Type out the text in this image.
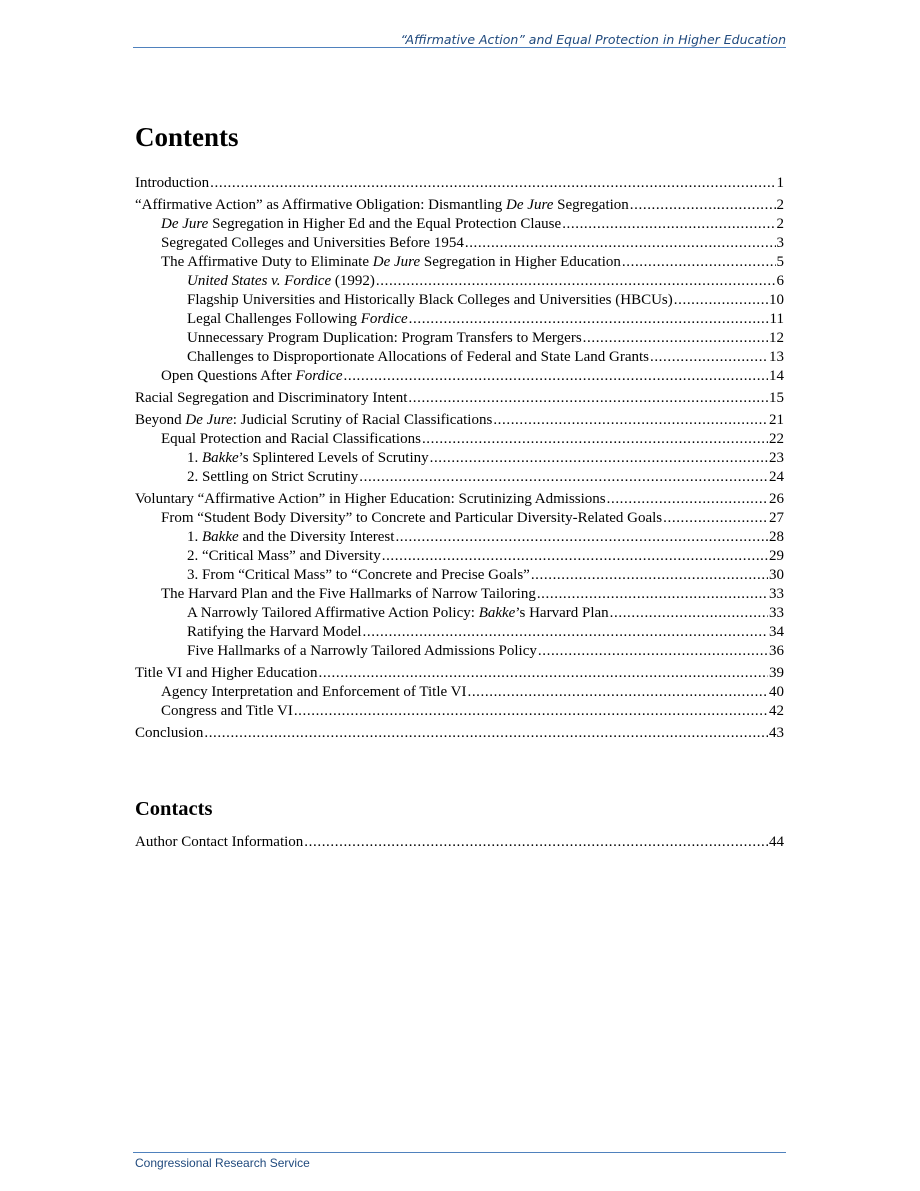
“Affirmative Action” and Equal Protection in Higher Education
Contents
Introduction .....	1
“Affirmative Action” as Affirmative Obligation: Dismantling De Jure Segregation .....	2
De Jure Segregation in Higher Ed and the Equal Protection Clause .....	2
Segregated Colleges and Universities Before 1954 .....	3
The Affirmative Duty to Eliminate De Jure Segregation in Higher Education .....	5
United States v. Fordice (1992) .....	6
Flagship Universities and Historically Black Colleges and Universities (HBCUs) .....	10
Legal Challenges Following Fordice .....	11
Unnecessary Program Duplication: Program Transfers to Mergers .....	12
Challenges to Disproportionate Allocations of Federal and State Land Grants .....	13
Open Questions After Fordice .....	14
Racial Segregation and Discriminatory Intent .....	15
Beyond De Jure: Judicial Scrutiny of Racial Classifications .....	21
Equal Protection and Racial Classifications .....	22
1. Bakke’s Splintered Levels of Scrutiny .....	23
2. Settling on Strict Scrutiny .....	24
Voluntary “Affirmative Action” in Higher Education: Scrutinizing Admissions .....	26
From “Student Body Diversity” to Concrete and Particular Diversity-Related Goals .....	27
1. Bakke and the Diversity Interest .....	28
2. “Critical Mass” and Diversity .....	29
3. From “Critical Mass” to “Concrete and Precise Goals” .....	30
The Harvard Plan and the Five Hallmarks of Narrow Tailoring .....	33
A Narrowly Tailored Affirmative Action Policy: Bakke’s Harvard Plan .....	33
Ratifying the Harvard Model .....	34
Five Hallmarks of a Narrowly Tailored Admissions Policy .....	36
Title VI and Higher Education .....	39
Agency Interpretation and Enforcement of Title VI .....	40
Congress and Title VI .....	42
Conclusion .....	43
Contacts
Author Contact Information .....	44
Congressional Research Service
